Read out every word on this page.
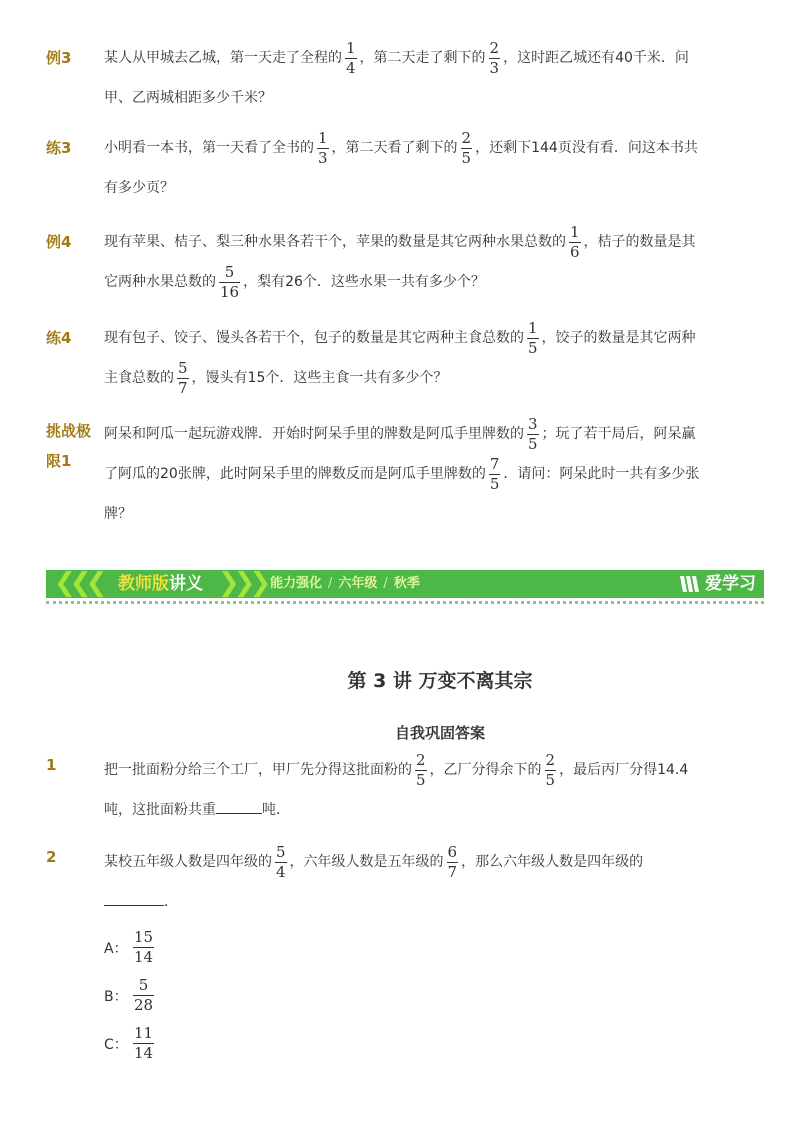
例3 某人从甲城去乙城，第一天走了全程的 $\frac{1}{4}$ ，第二天走了剩下的 $\frac{2}{3}$ ，这时距乙城还有40千米．问
甲、乙两城相距多少千米？
练3 小明看一本书，第一天看了全书的 $\frac{1}{3}$ ，第二天看了剩下的 $\frac{2}{5}$ ，还剩下144页没有看．问这本书共
有多少页？
例4 现有苹果、桔子、梨三种水果各若干个，苹果的数量是其它两种水果总数的 $\frac{1}{6}$ ，桔子的数量是其
它两种水果总数的 $\frac{5}{16}$ ，梨有26个．这些水果一共有多少个？
练4 现有包子、饺子、馒头各若干个，包子的数量是其它两种主食总数的 $\frac{1}{5}$ ，饺子的数量是其它两种
主食总数的 $\frac{5}{7}$ ，馒头有15个．这些主食一共有多少个？
挑战极
限1
阿呆和阿瓜一起玩游戏牌．开始时阿呆手里的牌数是阿瓜手里牌数的 $\frac{3}{5}$ ；玩了若干局后，阿呆赢
了阿瓜的20张牌，此时阿呆手里的牌数反而是阿瓜手里牌数的 $\frac{7}{5}$ ．请问：阿呆此时一共有多少张
牌？
❮❮❮ 教师版讲义 ❯❯❯ 能力强化 / 六年级 / 秋季	爱学习
第 3 讲 万变不离其宗
自我巩固答案
1	把一批面粉分给三个工厂，甲厂先分得这批面粉的 $\frac{2}{5}$ ，乙厂分得余下的 $\frac{2}{5}$ ，最后丙厂分得14.4
吨，这批面粉共重	吨．
2	某校五年级人数是四年级的 $\frac{5}{4}$ ，六年级人数是五年级的 $\frac{6}{7}$ ，那么六年级人数是四年级的
．
A： $\frac{15}{14}$
B： $\frac{5}{28}$
C： $\frac{11}{14}$
